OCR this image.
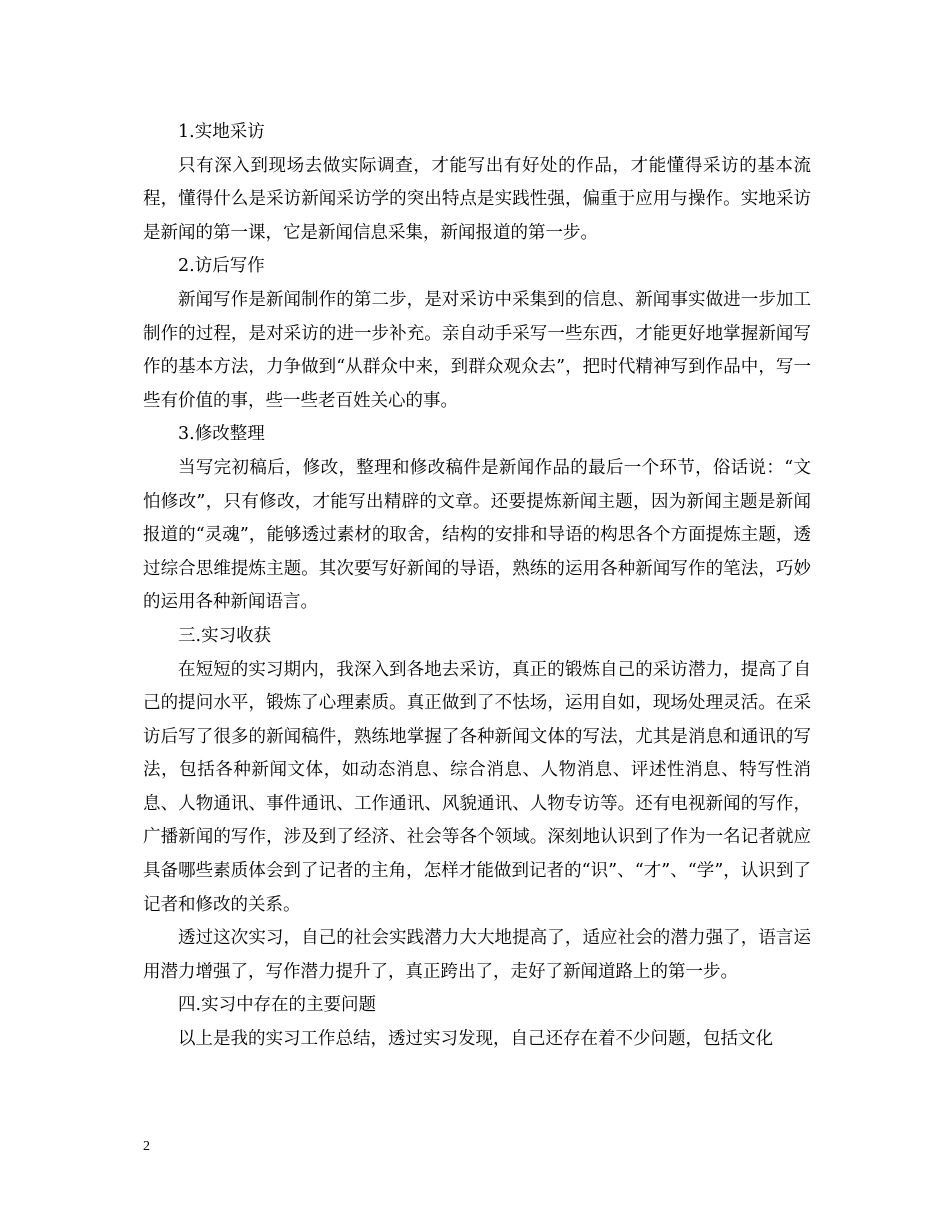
1.实地采访

只有深入到现场去做实际调查，才能写出有好处的作品，才能懂得采访的基本流程，懂得什么是采访新闻采访学的突出特点是实践性强，偏重于应用与操作。实地采访是新闻的第一课，它是新闻信息采集，新闻报道的第一步。

2.访后写作

新闻写作是新闻制作的第二步，是对采访中采集到的信息、新闻事实做进一步加工制作的过程，是对采访的进一步补充。亲自动手采写一些东西，才能更好地掌握新闻写作的基本方法，力争做到“从群众中来，到群众观众去”，把时代精神写到作品中，写一些有价值的事，些一些老百姓关心的事。

3.修改整理

当写完初稿后，修改，整理和修改稿件是新闻作品的最后一个环节，俗话说：“文怕修改”，只有修改，才能写出精辟的文章。还要提炼新闻主题，因为新闻主题是新闻报道的“灵魂”，能够透过素材的取舍，结构的安排和导语的构思各个方面提炼主题，透过综合思维提炼主题。其次要写好新闻的导语，熟练的运用各种新闻写作的笔法，巧妙的运用各种新闻语言。

三.实习收获

在短短的实习期内，我深入到各地去采访，真正的锻炼自己的采访潜力，提高了自己的提问水平，锻炼了心理素质。真正做到了不怯场，运用自如，现场处理灵活。在采访后写了很多的新闻稿件，熟练地掌握了各种新闻文体的写法，尤其是消息和通讯的写法，包括各种新闻文体，如动态消息、综合消息、人物消息、评述性消息、特写性消息、人物通讯、事件通讯、工作通讯、风貌通讯、人物专访等。还有电视新闻的写作，广播新闻的写作，涉及到了经济、社会等各个领域。深刻地认识到了作为一名记者就应具备哪些素质体会到了记者的主角，怎样才能做到记者的“识”、“才”、“学”，认识到了记者和修改的关系。

透过这次实习，自己的社会实践潜力大大地提高了，适应社会的潜力强了，语言运用潜力增强了，写作潜力提升了，真正跨出了，走好了新闻道路上的第一步。

四.实习中存在的主要问题

以上是我的实习工作总结，透过实习发现，自己还存在着不少问题，包括文化

2
